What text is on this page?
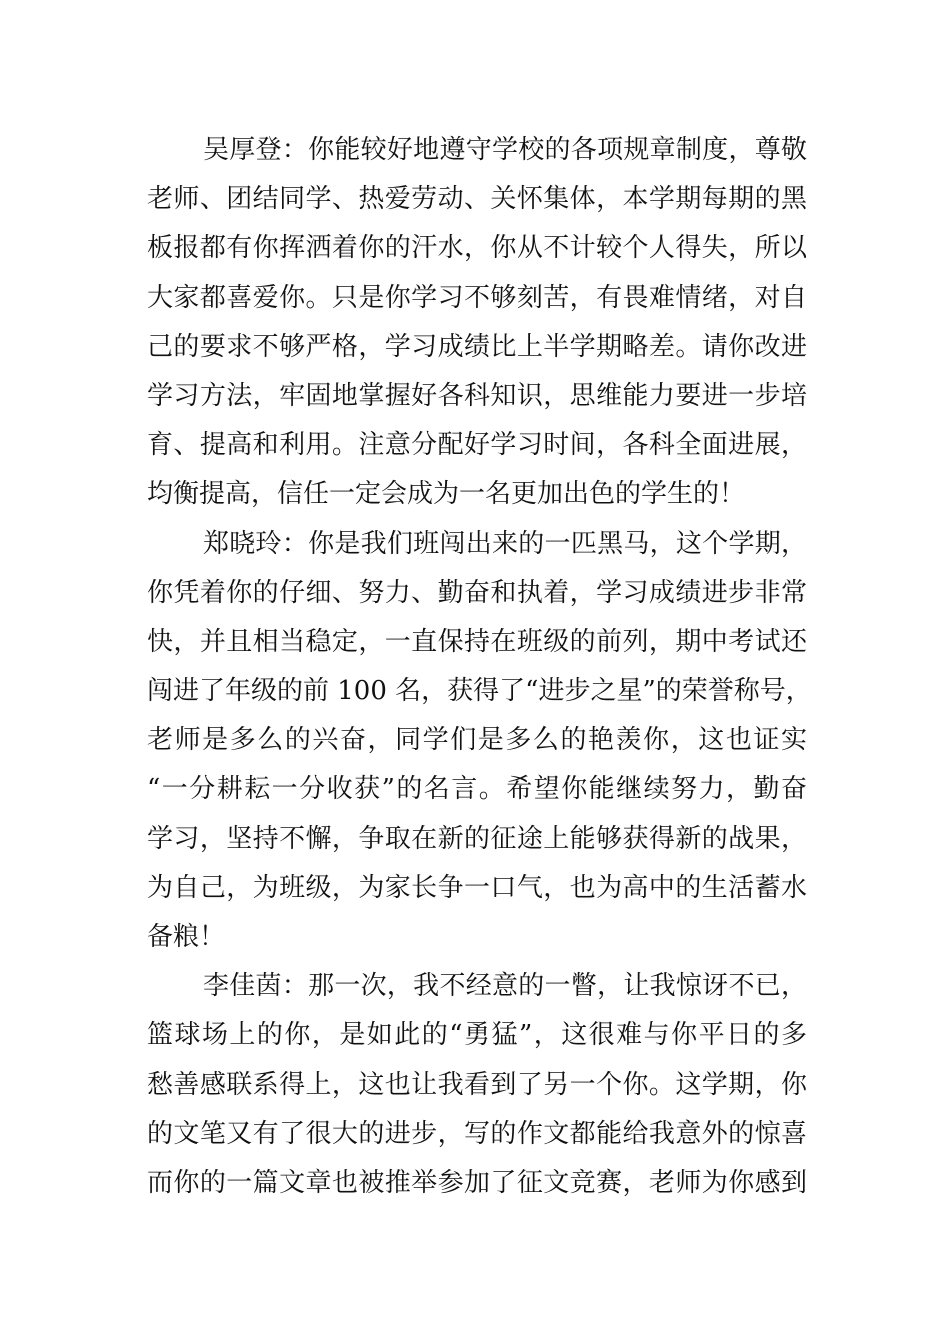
吴厚登：你能较好地遵守学校的各项规章制度，尊敬
老师、团结同学、热爱劳动、关怀集体，本学期每期的黑
板报都有你挥洒着你的汗水，你从不计较个人得失，所以
大家都喜爱你。只是你学习不够刻苦，有畏难情绪，对自
己的要求不够严格，学习成绩比上半学期略差。请你改进
学习方法，牢固地掌握好各科知识，思维能力要进一步培
育、提高和利用。注意分配好学习时间，各科全面进展，
均衡提高，信任一定会成为一名更加出色的学生的！
郑晓玲：你是我们班闯出来的一匹黑马，这个学期，
你凭着你的仔细、努力、勤奋和执着，学习成绩进步非常
快，并且相当稳定，一直保持在班级的前列，期中考试还
闯进了年级的前 100 名，获得了“进步之星”的荣誉称号，
老师是多么的兴奋，同学们是多么的艳羡你，这也证实
“一分耕耘一分收获”的名言。希望你能继续努力，勤奋
学习，坚持不懈，争取在新的征途上能够获得新的战果，
为自己，为班级，为家长争一口气，也为高中的生活蓄水
备粮！
李佳茵：那一次，我不经意的一瞥，让我惊讶不已，
篮球场上的你，是如此的“勇猛”，这很难与你平日的多
愁善感联系得上，这也让我看到了另一个你。这学期，你
的文笔又有了很大的进步，写的作文都能给我意外的惊喜
而你的一篇文章也被推举参加了征文竞赛，老师为你感到
